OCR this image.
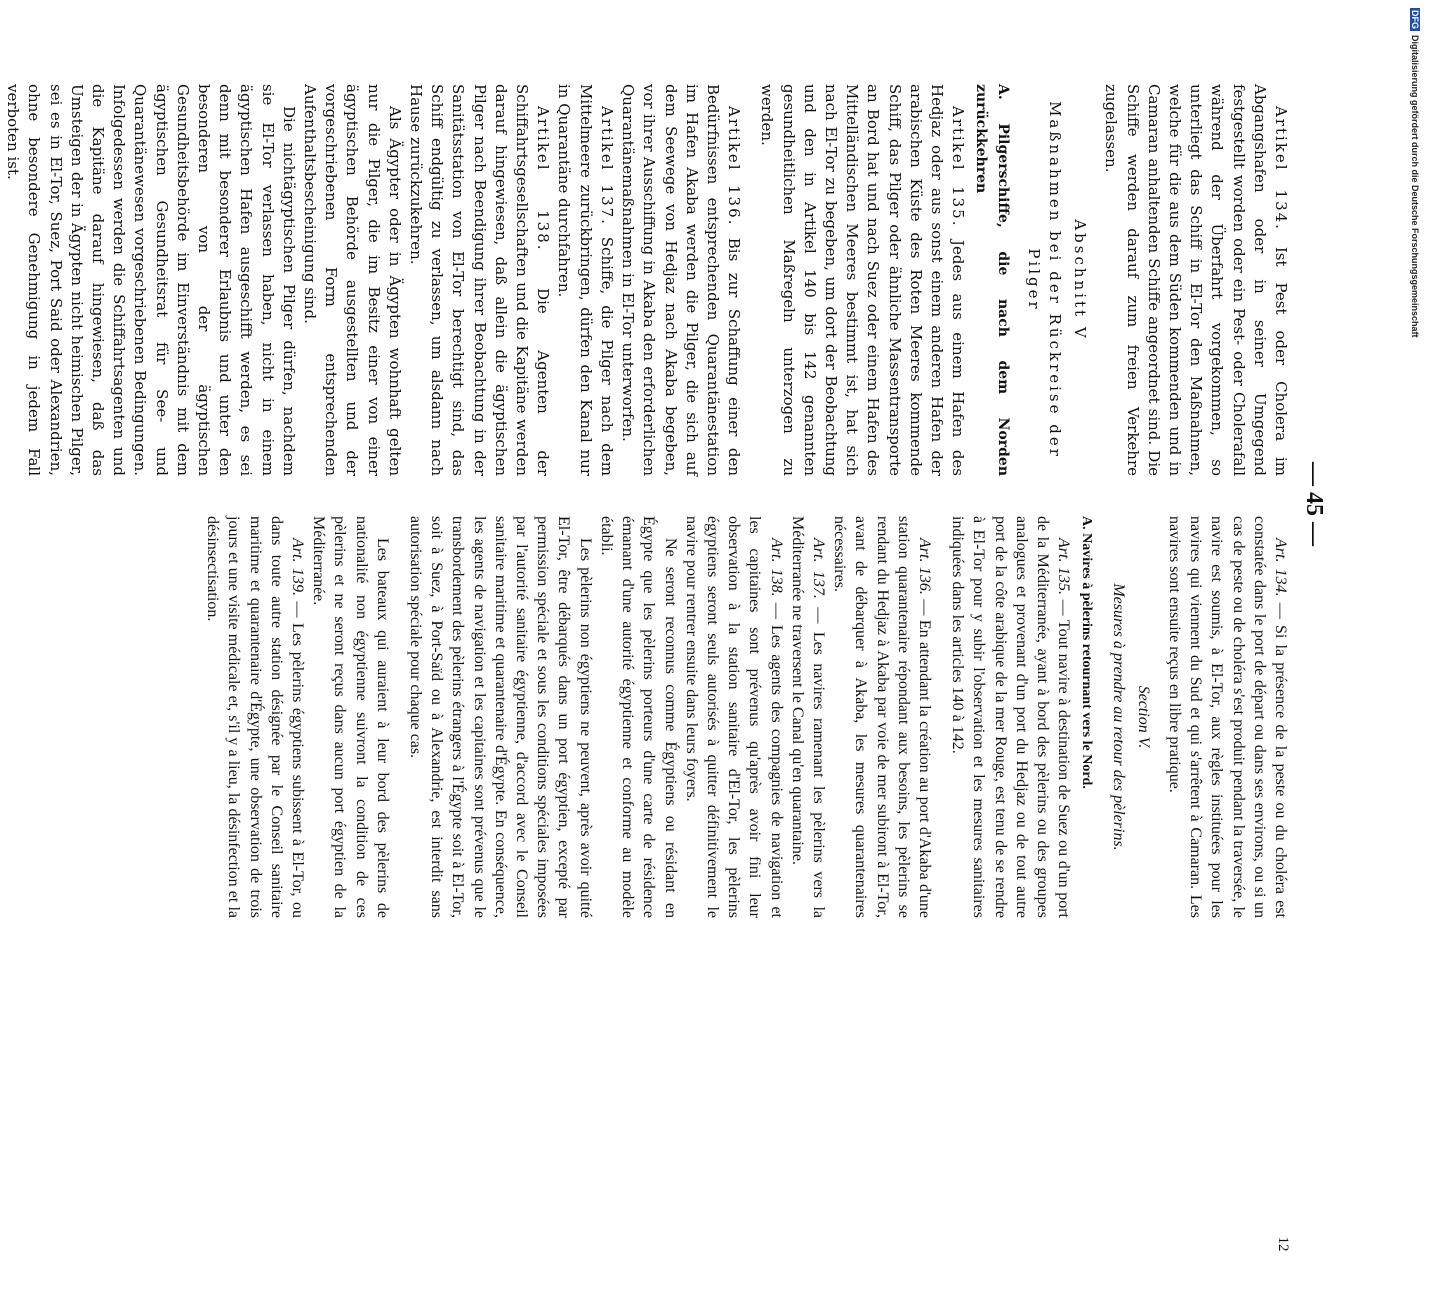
— 45 —

Artikel 134. Ist Pest oder Cholera im Abgangshafen oder in seiner Umgegend festgestellt worden oder ein Pest- oder Cholerafall während der Überfahrt vorgekommen, so unterliegt das Schiff in El-Tor den Maßnahmen, welche für die aus dem Süden kommenden und in Camaran anhaltenden Schiffe angeordnet sind. Die Schiffe werden darauf zum freien Verkehre zugelassen.

Abschnitt V

Maßnahmen bei der Rückreise der Pilger

A. Pilgerschiffe, die nach dem Norden zurückkehren

Artikel 135. Jedes aus einem Hafen des Hedjaz oder aus sonst einem anderen Hafen der arabischen Küste des Roten Meeres kommende Schiff, das Pilger oder ähnliche Massentransporte an Bord hat und nach Suez oder einem Hafen des Mittelländischen Meeres bestimmt ist, hat sich nach El-Tor zu begeben, um dort der Beobachtung und den in Artikel 140 bis 142 genannten gesundheitlichen Maßregeln unterzogen zu werden.

Artikel 136. Bis zur Schaffung einer den Bedürfnissen entsprechenden Quarantänestation im Hafen Akaba werden die Pilger, die sich auf dem Seewege von Hedjaz nach Akaba begeben, vor ihrer Ausschiffung in Akaba den erforderlichen Quarantänemaßnahmen in El-Tor unterworfen.

Artikel 137. Schiffe, die Pilger nach dem Mittelmeere zurückbringen, dürfen den Kanal nur in Quarantäne durchfahren.

Artikel 138. Die Agenten der Schiffahrtsgesellschaften und die Kapitäne werden darauf hingewiesen, daß allein die ägyptischen Pilger nach Beendigung ihrer Beobachtung in der Sanitätsstation von El-Tor berechtigt sind, das Schiff endgültig zu verlassen, um alsdann nach Hause zurückzukehren.

Als Ägypter oder in Ägypten wohnhaft gelten nur die Pilger, die im Besitz einer von einer ägyptischen Behörde ausgestellten und der vorgeschriebenen Form entsprechenden Aufenthaltsbescheinigung sind.

Die nichtägyptischen Pilger dürfen, nachdem sie El-Tor verlassen haben, nicht in einem ägyptischen Hafen ausgeschifft werden, es sei denn mit besonderer Erlaubnis und unter den besonderen von der ägyptischen Gesundheitsbehörde im Einverständnis mit dem ägyptischen Gesundheitsrat für See- und Quarantänewesen vorgeschriebenen Bedingungen. Infolgedessen werden die Schiffahrtsagenten und die Kapitäne darauf hingewiesen, daß das Umsteigen der in Ägypten nicht heimischen Pilger, sei es in El-Tor, Suez, Port Said oder Alexandrien, ohne besondere Genehmigung in jedem Fall verboten ist.

Art. 134. — Si la présence de la peste ou du choléra est constatée dans le port de départ ou dans ses environs, ou si un cas de peste ou de choléra s'est produit pendant la traversée, le navire est soumis, à El-Tor, aux règles instituées pour les navires qui viennent du Sud et qui s'arrêtent à Camaran. Les navires sont ensuite reçus en libre pratique.

Section V.

Mesures à prendre au retour des pèlerins.

A. Navires à pèlerins retournant vers le Nord.

Art. 135. — Tout navire à destination de Suez ou d'un port de la Méditerranée, ayant à bord des pèlerins ou des groupes analogues et provenant d'un port du Hedjaz ou de tout autre port de la côte arabique de la mer Rouge, est tenu de se rendre à El-Tor pour y subir l'observation et les mesures sanitaires indiquées dans les articles 140 à 142.

Art. 136. — En attendant la création au port d'Akaba d'une station quarantenaire répondant aux besoins, les pèlerins se rendant du Hedjaz à Akaba par voie de mer subiront à El-Tor, avant de débarquer à Akaba, les mesures quarantenaires nécessaires.

Art. 137. — Les navires ramenant les pèlerins vers la Méditerranée ne traversent le Canal qu'en quarantaine.

Art. 138. — Les agents des compagnies de navigation et les capitaines sont prévenus qu'après avoir fini leur observation à la station sanitaire d'El-Tor, les pèlerins égyptiens seront seuls autorisés à quitter définitivement le navire pour rentrer ensuite dans leurs foyers.

Ne seront reconnus comme Égyptiens ou résidant en Égypte que les pèlerins porteurs d'une carte de résidence émanant d'une autorité égyptienne et conforme au modèle établi.

Les pèlerins non égyptiens ne peuvent, après avoir quitté El-Tor, être débarqués dans un port égyptien, excepté par permission spéciale et sous les conditions spéciales imposées par l'autorité sanitaire égyptienne, d'accord avec le Conseil sanitaire maritime et quarantenaire d'Égypte. En conséquence, les agents de navigation et les capitaines sont prévenus que le transbordement des pèlerins étrangers à l'Égypte soit à El-Tor, soit à Suez, à Port-Saïd ou à Alexandrie, est interdit sans autorisation spéciale pour chaque cas.

Les bateaux qui auraient à leur bord des pèlerins de nationalité non égyptienne suivront la condition de ces pèlerins et ne seront reçus dans aucun port égyptien de la Méditerranée.

Art. 139. — Les pèlerins égyptiens subissent à El-Tor, ou dans toute autre station désignée par le Conseil sanitaire maritime et quarantenaire d'Égypte, une observation de trois jours et une visite médicale et, s'il y a lieu, la désinfection et la désinsectisation.

12
DFGDigitalisierung gefördert durch die Deutsche Forschungsgemeinschaft
